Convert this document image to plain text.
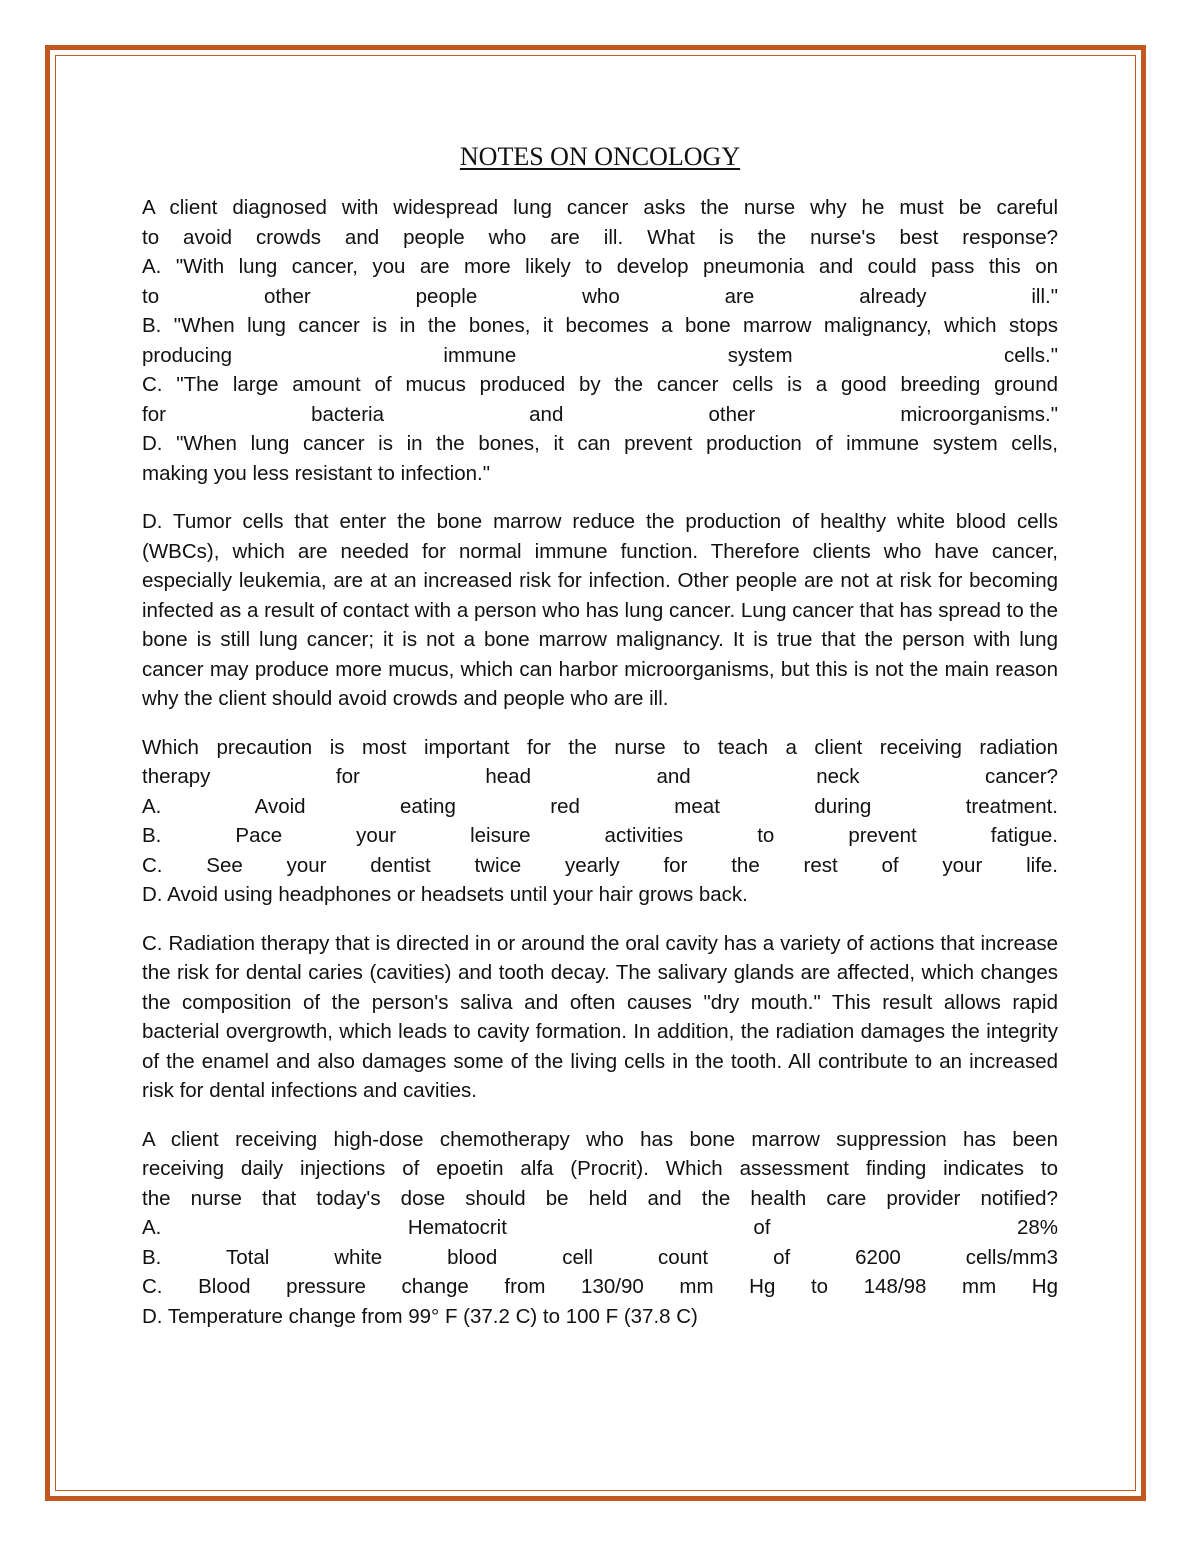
NOTES ON ONCOLOGY
A client diagnosed with widespread lung cancer asks the nurse why he must be careful
to avoid crowds and people who are ill. What is the nurse's best response?
A. "With lung cancer, you are more likely to develop pneumonia and could pass this on
to other people who are already ill."
B. "When lung cancer is in the bones, it becomes a bone marrow malignancy, which stops
producing immune system cells."
C. "The large amount of mucus produced by the cancer cells is a good breeding ground
for bacteria and other microorganisms."
D. "When lung cancer is in the bones, it can prevent production of immune system cells,
making you less resistant to infection."

D. Tumor cells that enter the bone marrow reduce the production of healthy white blood cells (WBCs), which are needed for normal immune function. Therefore clients who have cancer, especially leukemia, are at an increased risk for infection. Other people are not at risk for becoming infected as a result of contact with a person who has lung cancer. Lung cancer that has spread to the bone is still lung cancer; it is not a bone marrow malignancy. It is true that the person with lung cancer may produce more mucus, which can harbor microorganisms, but this is not the main reason why the client should avoid crowds and people who are ill.

Which precaution is most important for the nurse to teach a client receiving radiation
therapy for head and neck cancer?
A. Avoid eating red meat during treatment.
B. Pace your leisure activities to prevent fatigue.
C. See your dentist twice yearly for the rest of your life.
D. Avoid using headphones or headsets until your hair grows back.

C. Radiation therapy that is directed in or around the oral cavity has a variety of actions that increase the risk for dental caries (cavities) and tooth decay. The salivary glands are affected, which changes the composition of the person's saliva and often causes "dry mouth." This result allows rapid bacterial overgrowth, which leads to cavity formation. In addition, the radiation damages the integrity of the enamel and also damages some of the living cells in the tooth. All contribute to an increased risk for dental infections and cavities.

A client receiving high-dose chemotherapy who has bone marrow suppression has been
receiving daily injections of epoetin alfa (Procrit). Which assessment finding indicates to
the nurse that today's dose should be held and the health care provider notified?
A. Hematocrit of 28%
B. Total white blood cell count of 6200 cells/mm3
C. Blood pressure change from 130/90 mm Hg to 148/98 mm Hg
D. Temperature change from 99° F (37.2 C) to 100 F (37.8 C)
